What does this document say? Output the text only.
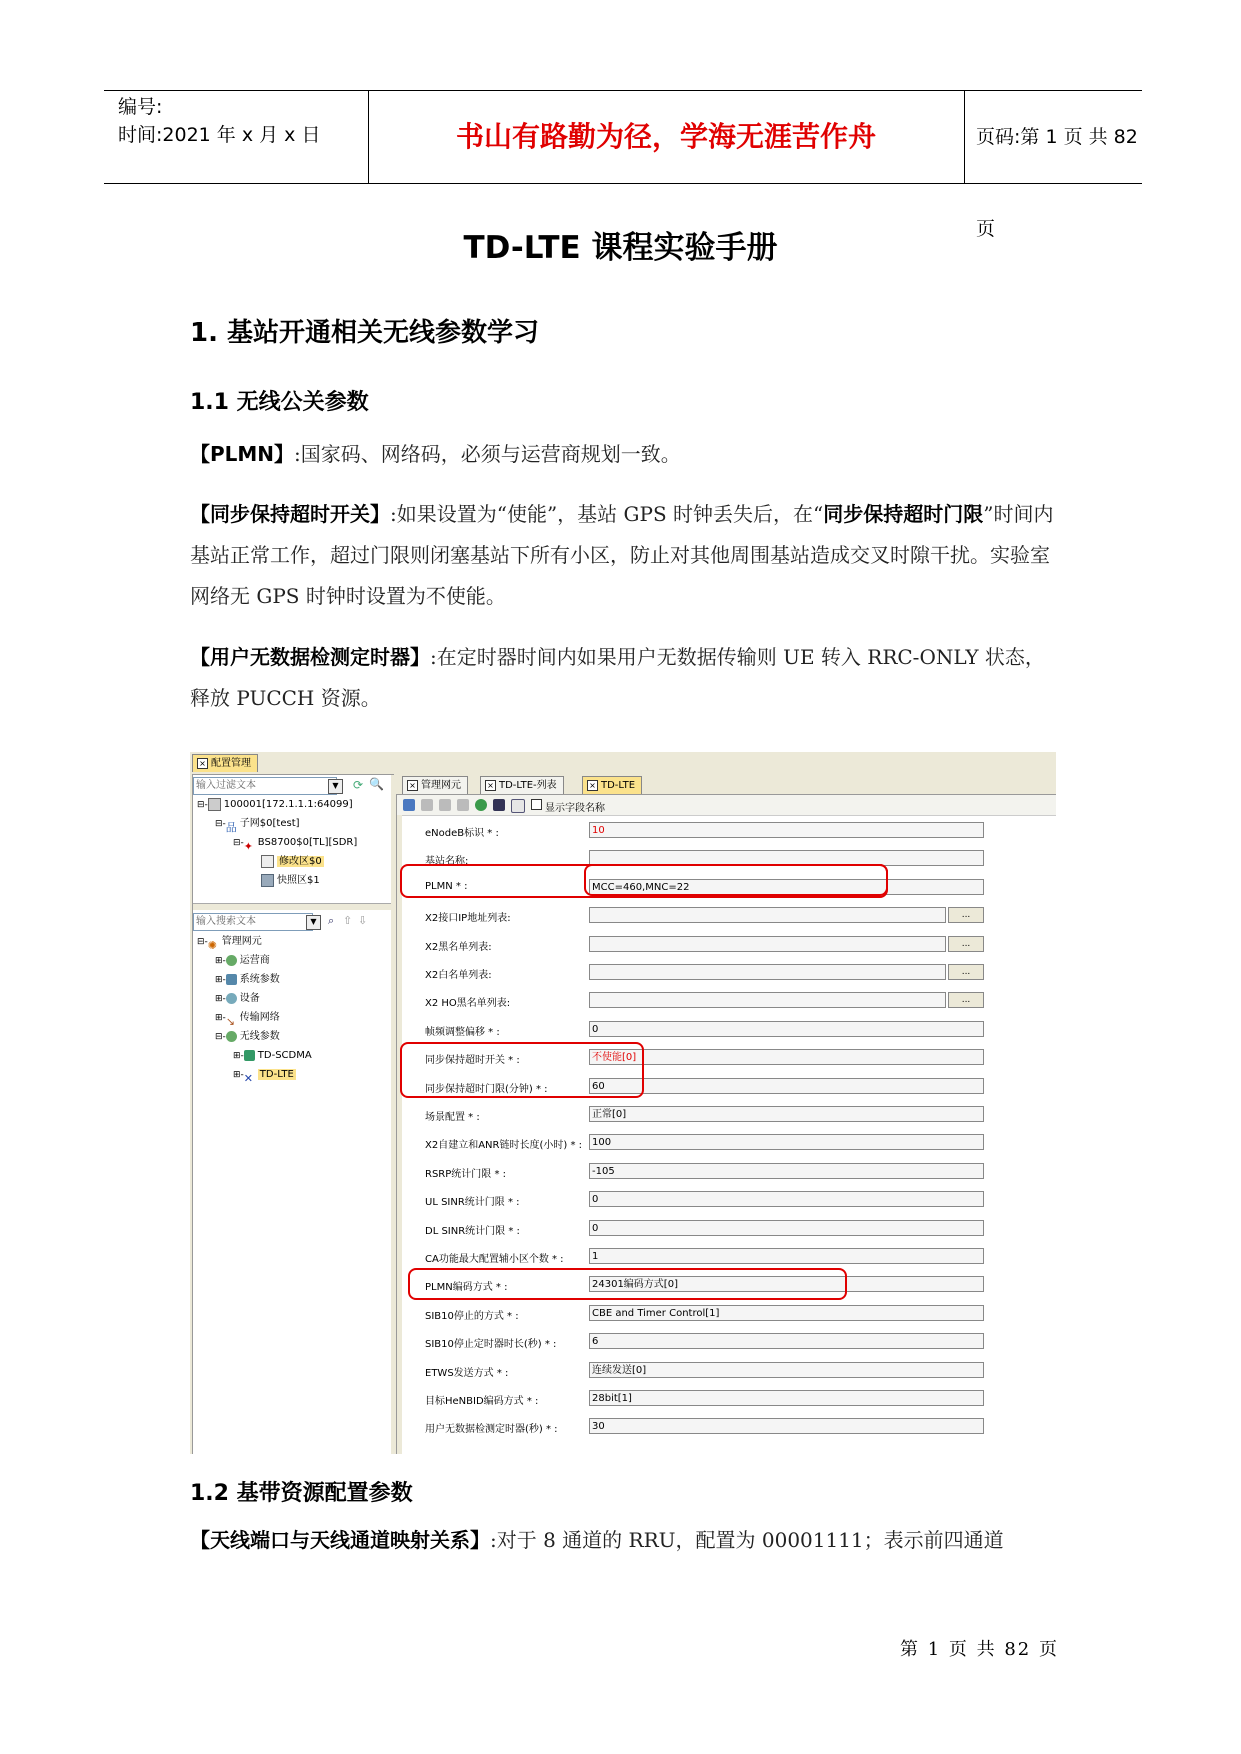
编号:
时间:2021 年 x 月 x 日	书山有路勤为径，学海无涯苦作舟	页码:第 1 页 共 82 页
TD-LTE 课程实验手册
1. 基站开通相关无线参数学习
1.1 无线公关参数
【PLMN】:国家码、网络码，必须与运营商规划一致。
【同步保持超时开关】:如果设置为“使能”，基站 GPS 时钟丢失后，在“同步保持超时门限”时间内基站正常工作，超过门限则闭塞基站下所有小区，防止对其他周围基站造成交叉时隙干扰。实验室网络无 GPS 时钟时设置为不使能。
【用户无数据检测定时器】:在定时器时间内如果用户无数据传输则 UE 转入 RRC-ONLY 状态，释放 PUCCH 资源。
× 配置管理
输入过滤文本	▼	⟳ 🔍
⊟- 100001[172.1.1.1:64099]
⊟-品 子网$0[test]
⊟-✦ BS8700$0[TL][SDR]
修改区$0
快照区$1
输入搜索文本	▼	⌕ ⇧ ⇩
⊟-✺ 管理网元
⊞- 运营商
⊞- 系统参数
⊞- 设备
⊞-↘ 传输网络
⊟- 无线参数
⊞- TD-SCDMA
⊞-✕ TD-LTE
× 管理网元	× TD-LTE-列表	× TD-LTE
显示字段名称
eNodeB标识 * :	10
基站名称:
PLMN * :	MCC=460,MNC=22
X2接口IP地址列表:	...
X2黑名单列表:	...
X2白名单列表:	...
X2 HO黑名单列表:	...
帧频调整偏移 * :	0
同步保持超时开关 * :	不使能[0]
同步保持超时门限(分钟) * :	60
场景配置 * :	正常[0]
X2自建立和ANR链时长度(小时) * : 100
RSRP统计门限 * :	-105
UL SINR统计门限 * :	0
DL SINR统计门限 * :	0
CA功能最大配置辅小区个数 * :	1
PLMN编码方式 * :	24301编码方式[0]
SIB10停止的方式 * :	CBE and Timer Control[1]
SIB10停止定时器时长(秒) * :	6
ETWS发送方式 * :	连续发送[0]
目标HeNBID编码方式 * :	28bit[1]
用户无数据检测定时器(秒) * :	30
1.2 基带资源配置参数
【天线端口与天线通道映射关系】:对于 8 通道的 RRU，配置为 00001111；表示前四通道
第 1 页 共 82 页
